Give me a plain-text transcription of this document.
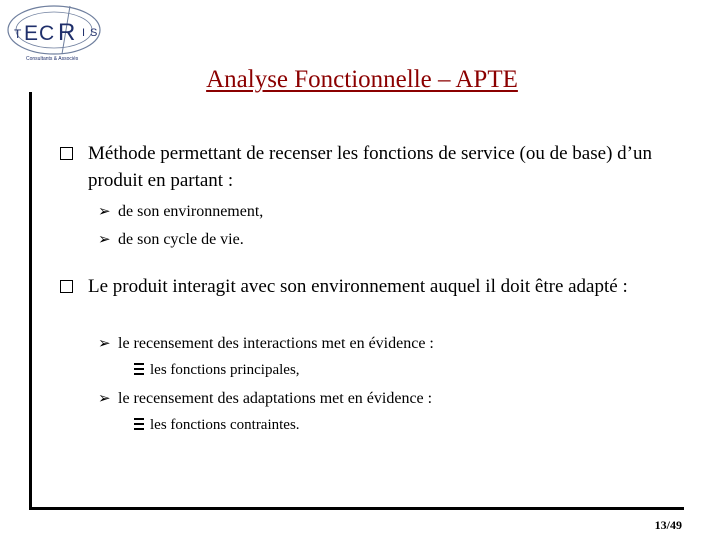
T E C R I S
Consultants & Associés
Analyse Fonctionnelle – APTE
Méthode permettant de recenser les fonctions de service (ou de base) d’un produit en partant :
➢ de son environnement,
➢ de son cycle de vie.
Le produit interagit avec son environnement auquel il doit être adapté :
➢ le recensement des interactions met en évidence :
les fonctions principales,
➢ le recensement des adaptations met en évidence :
les fonctions contraintes.
13/49
